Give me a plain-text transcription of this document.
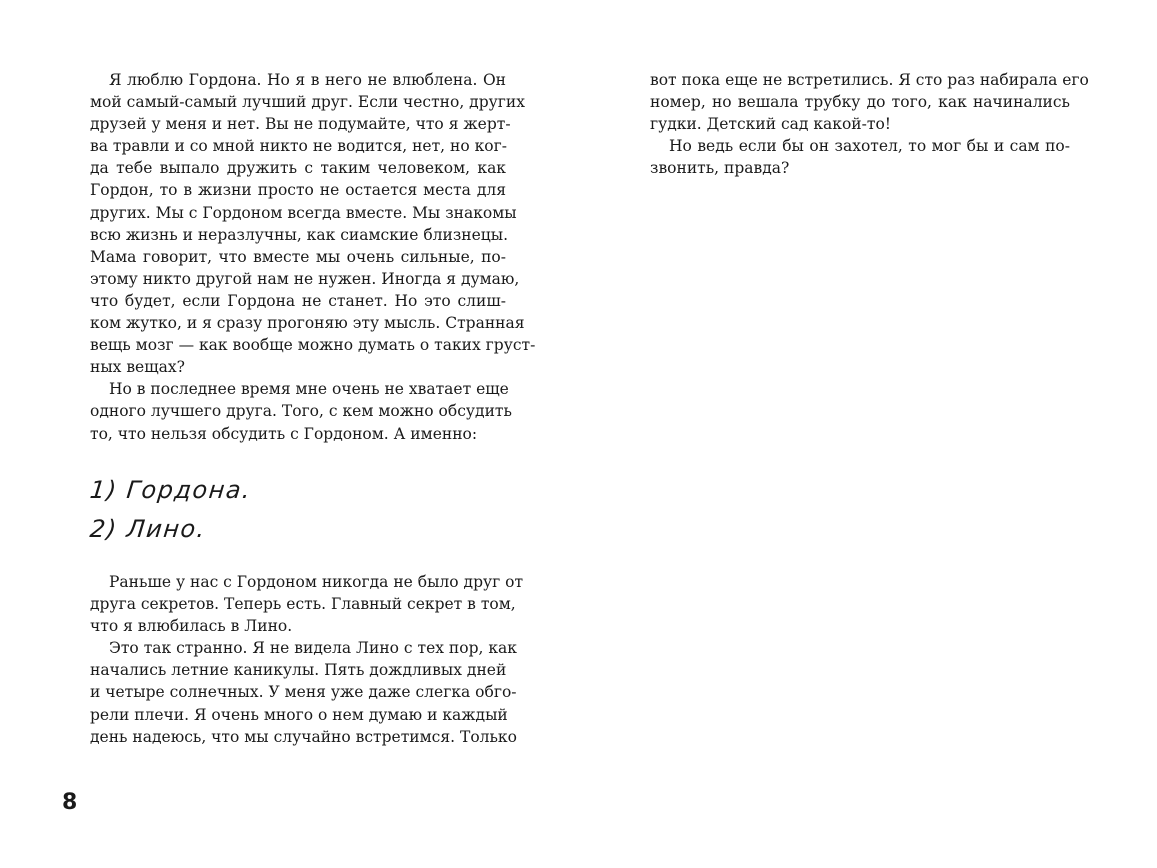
Я люблю Гордона. Но я в него не влюблена. Он
мой самый-самый лучший друг. Если честно, других
друзей у меня и нет. Вы не подумайте, что я жерт-
ва травли и со мной никто не водится, нет, но ког-
да тебе выпало дружить с таким человеком, как
Гордон, то в жизни просто не остается места для
других. Мы с Гордоном всегда вместе. Мы знакомы
всю жизнь и неразлучны, как сиамские близнецы.
Мама говорит, что вместе мы очень сильные, по-
этому никто другой нам не нужен. Иногда я думаю,
что будет, если Гордона не станет. Но это слиш-
ком жутко, и я сразу прогоняю эту мысль. Странная
вещь мозг — как вообще можно думать о таких груст-
ных вещах?
Но в последнее время мне очень не хватает еще
одного лучшего друга. Того, с кем можно обсудить
то, что нельзя обсудить с Гордоном. А именно:
1) Гордона.
2) Лино.
Раньше у нас с Гордоном никогда не было друг от
друга секретов. Теперь есть. Главный секрет в том,
что я влюбилась в Лино.
Это так странно. Я не видела Лино с тех пор, как
начались летние каникулы. Пять дождливых дней
и четыре солнечных. У меня уже даже слегка обго-
рели плечи. Я очень много о нем думаю и каждый
день надеюсь, что мы случайно встретимся. Только
вот пока еще не встретились. Я сто раз набирала его
номер, но вешала трубку до того, как начинались
гудки. Детский сад какой-то!
Но ведь если бы он захотел, то мог бы и сам по-
звонить, правда?
8
